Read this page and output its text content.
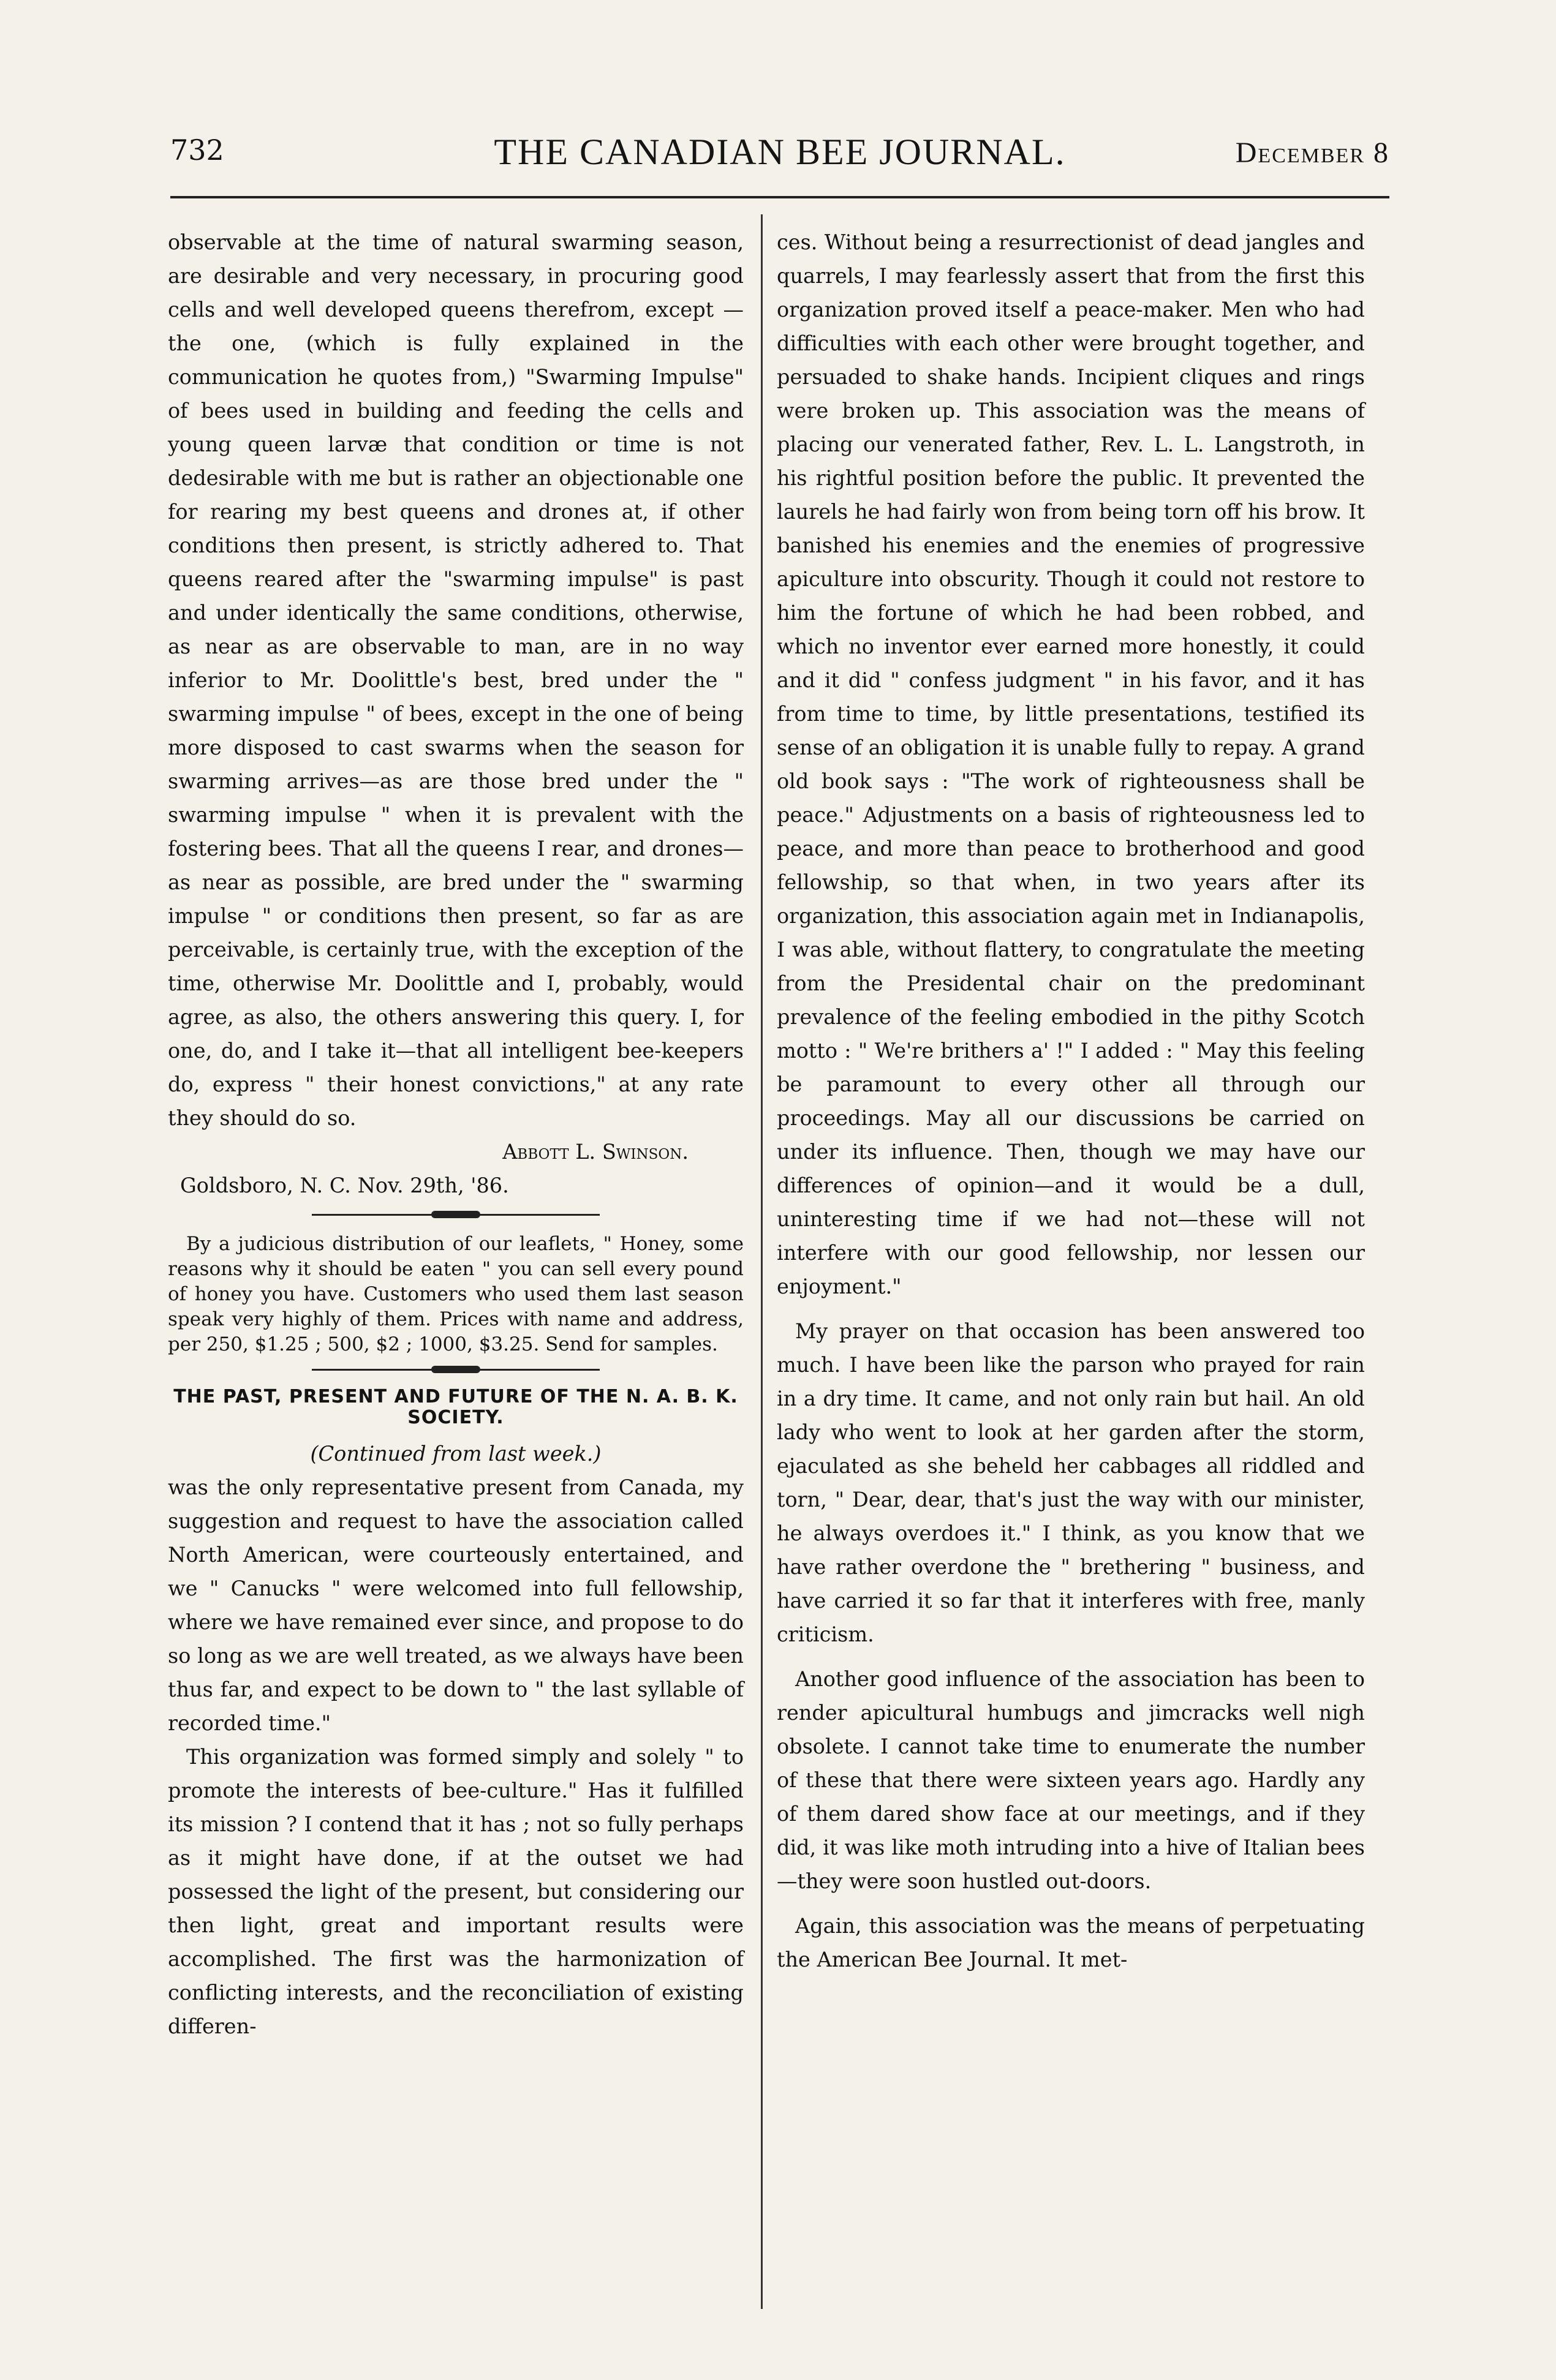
732	THE CANADIAN BEE JOURNAL.	December 8

observable at the time of natural swarming season, are desirable and very necessary, in procuring good cells and well developed queens therefrom, except —the one, (which is fully explained in the communication he quotes from,) "Swarming Impulse" of bees used in building and feeding the cells and young queen larvæ that condition or time is not dedesirable with me but is rather an objectionable one for rearing my best queens and drones at, if other conditions then present, is strictly adhered to. That queens reared after the "swarming impulse" is past and under identically the same conditions, otherwise, as near as are observable to man, are in no way inferior to Mr. Doolittle's best, bred under the " swarming impulse " of bees, except in the one of being more disposed to cast swarms when the season for swarming arrives—as are those bred under the " swarming impulse " when it is prevalent with the fostering bees. That all the queens I rear, and drones—as near as possible, are bred under the " swarming impulse " or conditions then present, so far as are perceivable, is certainly true, with the exception of the time, otherwise Mr. Doolittle and I, probably, would agree, as also, the others answering this query. I, for one, do, and I take it—that all intelligent bee-keepers do, express " their honest convictions," at any rate they should do so.

Abbott L. Swinson.

Goldsboro, N. C. Nov. 29th, '86.

By a judicious distribution of our leaflets, " Honey, some reasons why it should be eaten " you can sell every pound of honey you have. Customers who used them last season speak very highly of them. Prices with name and address, per 250, $1.25 ; 500, $2 ; 1000, $3.25. Send for samples.

THE PAST, PRESENT AND FUTURE OF THE N. A. B. K. SOCIETY.

(Continued from last week.)

was the only representative present from Canada, my suggestion and request to have the association called North American, were courteously entertained, and we " Canucks " were welcomed into full fellowship, where we have remained ever since, and propose to do so long as we are well treated, as we always have been thus far, and expect to be down to " the last syllable of recorded time."

This organization was formed simply and solely " to promote the interests of bee-culture." Has it fulfilled its mission ? I contend that it has ; not so fully perhaps as it might have done, if at the outset we had possessed the light of the present, but considering our then light, great and important results were accomplished. The first was the harmonization of conflicting interests, and the reconciliation of existing differen-

ces. Without being a resurrectionist of dead jangles and quarrels, I may fearlessly assert that from the first this organization proved itself a peace-maker. Men who had difficulties with each other were brought together, and persuaded to shake hands. Incipient cliques and rings were broken up. This association was the means of placing our venerated father, Rev. L. L. Langstroth, in his rightful position before the public. It prevented the laurels he had fairly won from being torn off his brow. It banished his enemies and the enemies of progressive apiculture into obscurity. Though it could not restore to him the fortune of which he had been robbed, and which no inventor ever earned more honestly, it could and it did " confess judgment " in his favor, and it has from time to time, by little presentations, testified its sense of an obligation it is unable fully to repay. A grand old book says : "The work of righteousness shall be peace." Adjustments on a basis of righteousness led to peace, and more than peace to brotherhood and good fellowship, so that when, in two years after its organization, this association again met in Indianapolis, I was able, without flattery, to congratulate the meeting from the Presidental chair on the predominant prevalence of the feeling embodied in the pithy Scotch motto : " We're brithers a' !" I added : " May this feeling be paramount to every other all through our proceedings. May all our discussions be carried on under its influence. Then, though we may have our differences of opinion—and it would be a dull, uninteresting time if we had not—these will not interfere with our good fellowship, nor lessen our enjoyment."

My prayer on that occasion has been answered too much. I have been like the parson who prayed for rain in a dry time. It came, and not only rain but hail. An old lady who went to look at her garden after the storm, ejaculated as she beheld her cabbages all riddled and torn, " Dear, dear, that's just the way with our minister, he always overdoes it." I think, as you know that we have rather overdone the " brethering " business, and have carried it so far that it interferes with free, manly criticism.

Another good influence of the association has been to render apicultural humbugs and jimcracks well nigh obsolete. I cannot take time to enumerate the number of these that there were sixteen years ago. Hardly any of them dared show face at our meetings, and if they did, it was like moth intruding into a hive of Italian bees—they were soon hustled out-doors.

Again, this association was the means of perpetuating the American Bee Journal. It met-
